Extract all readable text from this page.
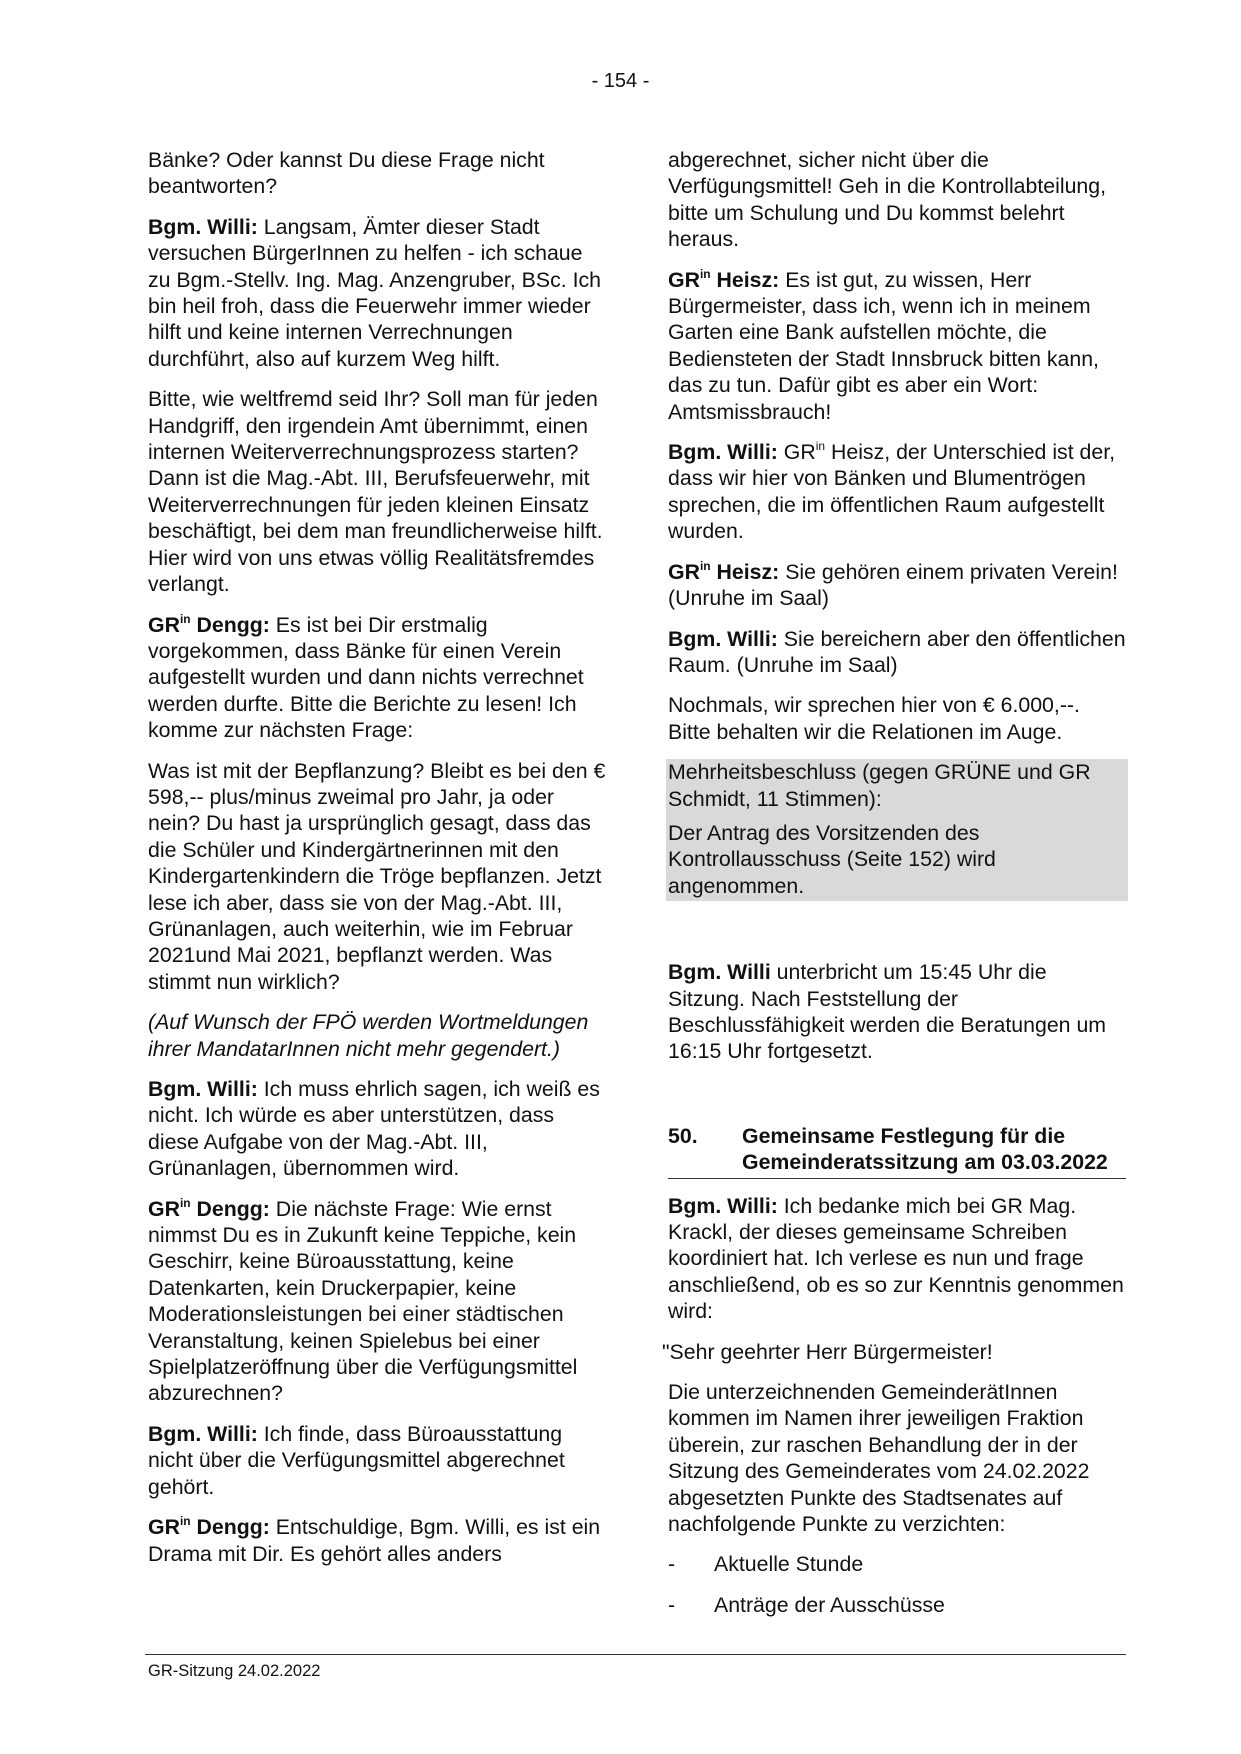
- 154 -

Bänke? Oder kannst Du diese Frage nicht beantworten?

Bgm. Willi: Langsam, Ämter dieser Stadt versuchen BürgerInnen zu helfen - ich schaue zu Bgm.-Stellv. Ing. Mag. Anzengruber, BSc. Ich bin heil froh, dass die Feuerwehr immer wieder hilft und keine internen Verrechnungen durchführt, also auf kurzem Weg hilft.

Bitte, wie weltfremd seid Ihr? Soll man für jeden Handgriff, den irgendein Amt übernimmt, einen internen Weiterverrechnungsprozess starten? Dann ist die Mag.-Abt. III, Berufsfeuerwehr, mit Weiterverrechnungen für jeden kleinen Einsatz beschäftigt, bei dem man freundlicherweise hilft. Hier wird von uns etwas völlig Realitätsfremdes verlangt.

$GR^{in}$ Dengg: Es ist bei Dir erstmalig vorgekommen, dass Bänke für einen Verein aufgestellt wurden und dann nichts verrechnet werden durfte. Bitte die Berichte zu lesen! Ich komme zur nächsten Frage:

Was ist mit der Bepflanzung? Bleibt es bei den € 598,-- plus/minus zweimal pro Jahr, ja oder nein? Du hast ja ursprünglich gesagt, dass das die Schüler und Kindergärtnerinnen mit den Kindergartenkindern die Tröge bepflanzen. Jetzt lese ich aber, dass sie von der Mag.-Abt. III, Grünanlagen, auch weiterhin, wie im Februar 2021und Mai 2021, bepflanzt werden. Was stimmt nun wirklich?

(Auf Wunsch der FPÖ werden Wortmeldungen ihrer MandatarInnen nicht mehr gegendert.)

Bgm. Willi: Ich muss ehrlich sagen, ich weiß es nicht. Ich würde es aber unterstützen, dass diese Aufgabe von der Mag.-Abt. III, Grünanlagen, übernommen wird.

$GR^{in}$ Dengg: Die nächste Frage: Wie ernst nimmst Du es in Zukunft keine Teppiche, kein Geschirr, keine Büroausstattung, keine Datenkarten, kein Druckerpapier, keine Moderationsleistungen bei einer städtischen Veranstaltung, keinen Spielebus bei einer Spielplatzeröffnung über die Verfügungsmittel abzurechnen?

Bgm. Willi: Ich finde, dass Büroausstattung nicht über die Verfügungsmittel abgerechnet gehört.

$GR^{in}$ Dengg: Entschuldige, Bgm. Willi, es ist ein Drama mit Dir. Es gehört alles anders

abgerechnet, sicher nicht über die Verfügungsmittel! Geh in die Kontrollabteilung, bitte um Schulung und Du kommst belehrt heraus.

$GR^{in}$ Heisz: Es ist gut, zu wissen, Herr Bürgermeister, dass ich, wenn ich in meinem Garten eine Bank aufstellen möchte, die Bediensteten der Stadt Innsbruck bitten kann, das zu tun. Dafür gibt es aber ein Wort: Amtsmissbrauch!

Bgm. Willi: $GR^{in}$ Heisz, der Unterschied ist der, dass wir hier von Bänken und Blumentrögen sprechen, die im öffentlichen Raum aufgestellt wurden.

$GR^{in}$ Heisz: Sie gehören einem privaten Verein! (Unruhe im Saal)

Bgm. Willi: Sie bereichern aber den öffentlichen Raum. (Unruhe im Saal)

Nochmals, wir sprechen hier von € 6.000,--. Bitte behalten wir die Relationen im Auge.

Mehrheitsbeschluss (gegen GRÜNE und GR Schmidt, 11 Stimmen):

Der Antrag des Vorsitzenden des Kontrollausschuss (Seite 152) wird angenommen.

Bgm. Willi unterbricht um 15:45 Uhr die Sitzung. Nach Feststellung der Beschlussfähigkeit werden die Beratungen um 16:15 Uhr fortgesetzt.

50.	Gemeinsame Festlegung für die Gemeinderatssitzung am 03.03.2022

Bgm. Willi: Ich bedanke mich bei GR Mag. Krackl, der dieses gemeinsame Schreiben koordiniert hat. Ich verlese es nun und frage anschließend, ob es so zur Kenntnis genommen wird:

"Sehr geehrter Herr Bürgermeister!

Die unterzeichnenden GemeinderätInnen kommen im Namen ihrer jeweiligen Fraktion überein, zur raschen Behandlung der in der Sitzung des Gemeinderates vom 24.02.2022 abgesetzten Punkte des Stadtsenates auf nachfolgende Punkte zu verzichten:

-	Aktuelle Stunde
-	Anträge der Ausschüsse
GR-Sitzung 24.02.2022
